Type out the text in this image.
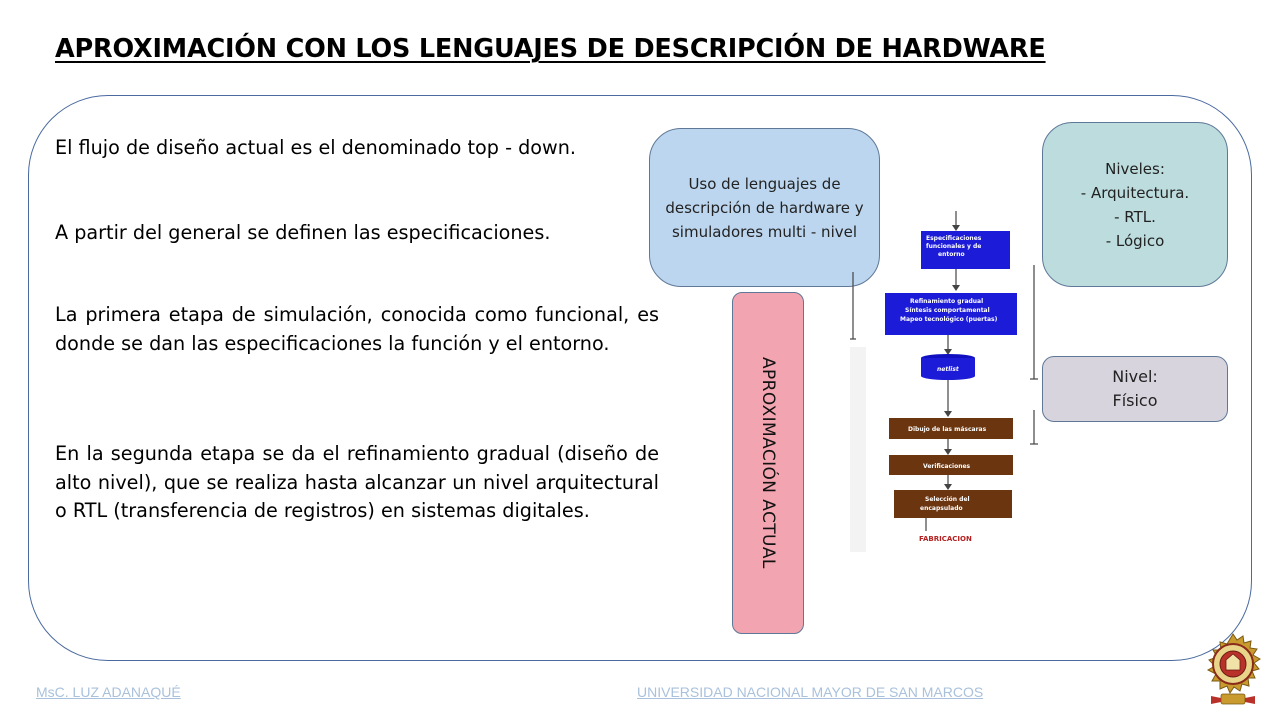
APROXIMACIÓN CON LOS LENGUAJES DE DESCRIPCIÓN DE HARDWARE

El flujo de diseño actual es el denominado top - down.

A partir del general se definen las especificaciones.

La primera etapa de simulación, conocida como funcional, es donde se dan las especificaciones la función y el entorno.

En la segunda etapa se da el refinamiento gradual (diseño de alto nivel), que se realiza hasta alcanzar un nivel arquitectural o RTL (transferencia de registros) en sistemas digitales.

Uso de lenguajes de descripción de hardware y simuladores multi - nivel
Niveles:
- Arquitectura.
- RTL.
- Lógico
Nivel:
Físico
APROXIMACIÓN ACTUAL
Especificaciones
funcionales y de
entorno
Refinamiento gradual
Síntesis comportamental
Mapeo tecnológico (puertas)
netlist
Dibujo de las máscaras
Verificaciones
Selección del
encapsulado
FABRICACION
MsC. LUZ ADANAQUÉ	UNIVERSIDAD NACIONAL MAYOR DE SAN MARCOS
